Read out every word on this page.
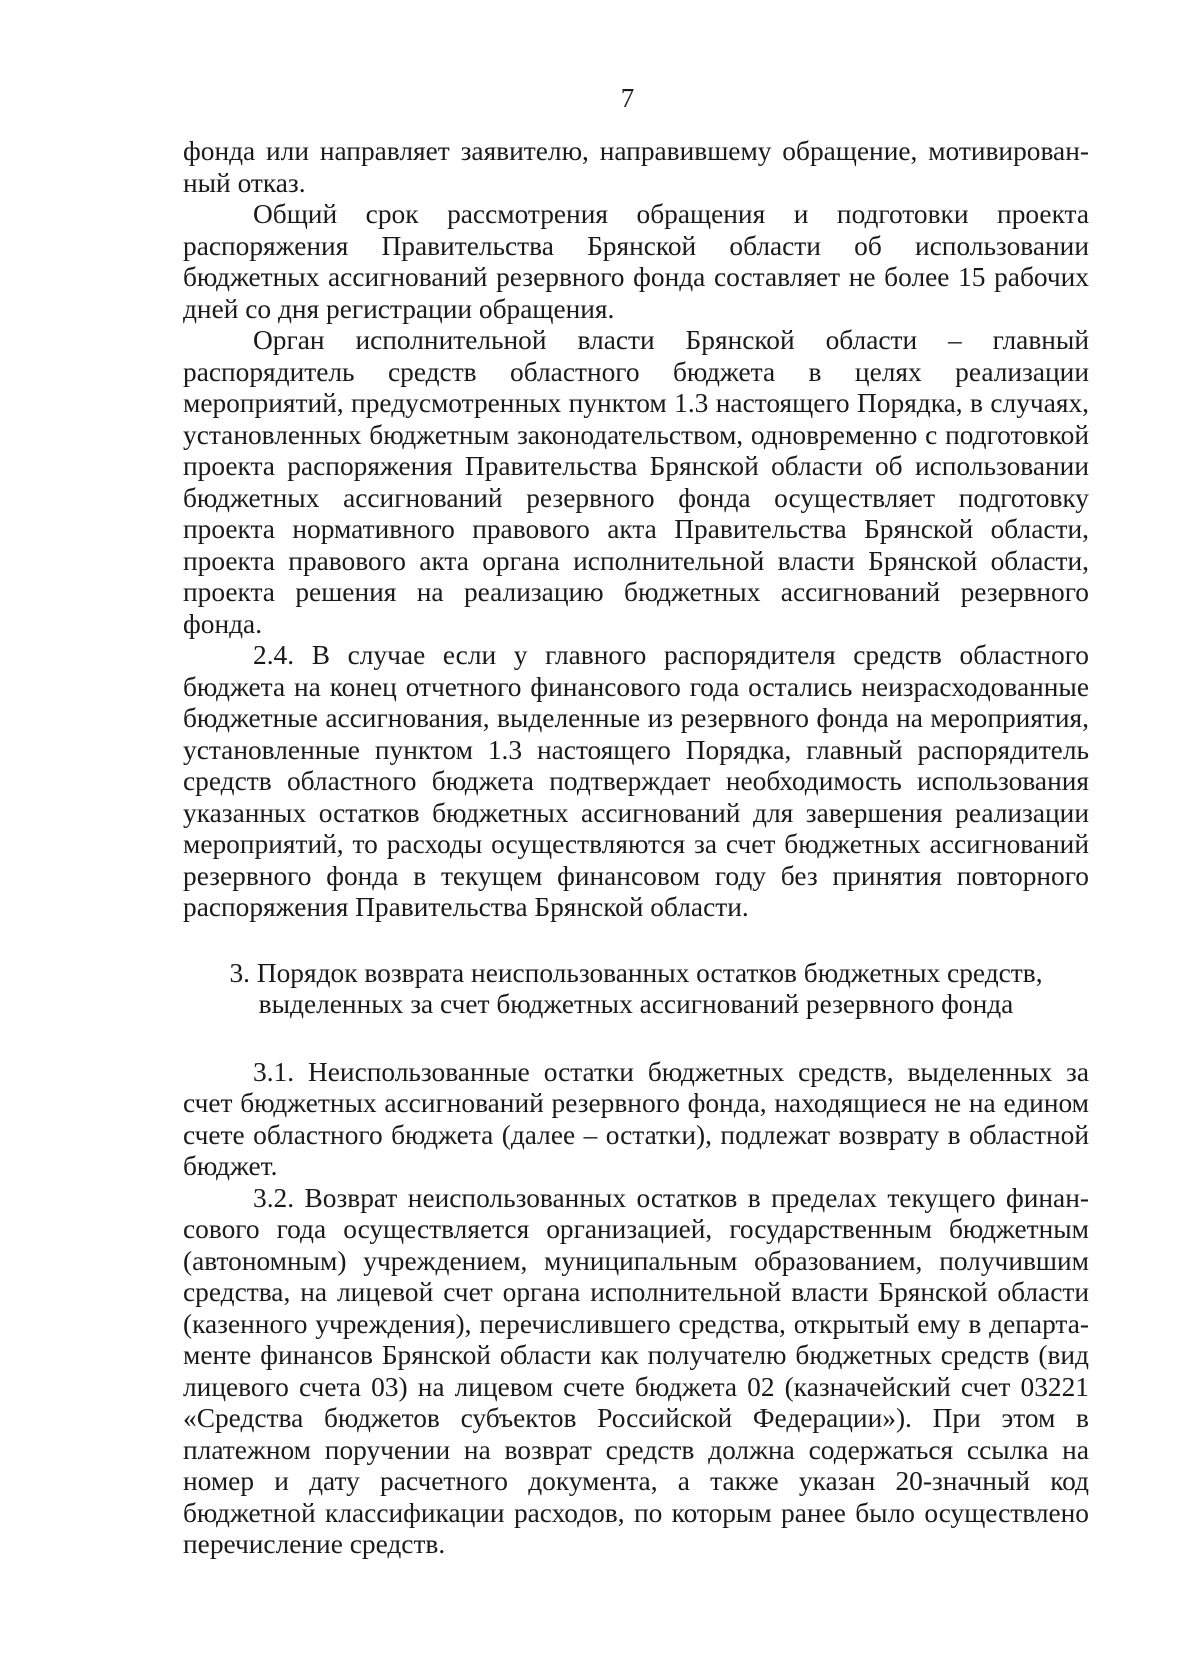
7

фонда или направляет заявителю, направившему обращение, мотивированный отказ.

Общий срок рассмотрения обращения и подготовки проекта распоряжения Правительства Брянской области об использовании бюджетных ассигнований резервного фонда составляет не более 15 рабочих дней со дня регистрации обращения.

Орган исполнительной власти Брянской области – главный распорядитель средств областного бюджета в целях реализации мероприятий, предусмотренных пунктом 1.3 настоящего Порядка, в случаях, установленных бюджетным законодательством, одновременно с подготовкой проекта распоряжения Правительства Брянской области об использовании бюджетных ассигнований резервного фонда осуществляет подготовку проекта нормативного правового акта Правительства Брянской области, проекта правового акта органа исполнительной власти Брянской области, проекта решения на реализацию бюджетных ассигнований резервного фонда.

2.4. В случае если у главного распорядителя средств областного бюджета на конец отчетного финансового года остались неизрасходованные бюджетные ассигнования, выделенные из резервного фонда на мероприятия, установленные пунктом 1.3 настоящего Порядка, главный распорядитель средств областного бюджета подтверждает необходимость использования указанных остатков бюджетных ассигнований для завершения реализации мероприятий, то расходы осуществляются за счет бюджетных ассигнований резервного фонда в текущем финансовом году без принятия повторного распоряжения Правительства Брянской области.

3. Порядок возврата неиспользованных остатков бюджетных средств,
выделенных за счет бюджетных ассигнований резервного фонда

3.1. Неиспользованные остатки бюджетных средств, выделенных за счет бюджетных ассигнований резервного фонда, находящиеся не на едином счете областного бюджета (далее – остатки), подлежат возврату в областной бюджет.

3.2. Возврат неиспользованных остатков в пределах текущего финансового года осуществляется организацией, государственным бюджетным (автономным) учреждением, муниципальным образованием, получившим средства, на лицевой счет органа исполнительной власти Брянской области (казенного учреждения), перечислившего средства, открытый ему в департаменте финансов Брянской области как получателю бюджетных средств (вид лицевого счета 03) на лицевом счете бюджета 02 (казначейский счет 03221 «Средства бюджетов субъектов Российской Федерации»). При этом в платежном поручении на возврат средств должна содержаться ссылка на номер и дату расчетного документа, а также указан 20-значный код бюджетной классификации расходов, по которым ранее было осуществлено перечисление средств.
